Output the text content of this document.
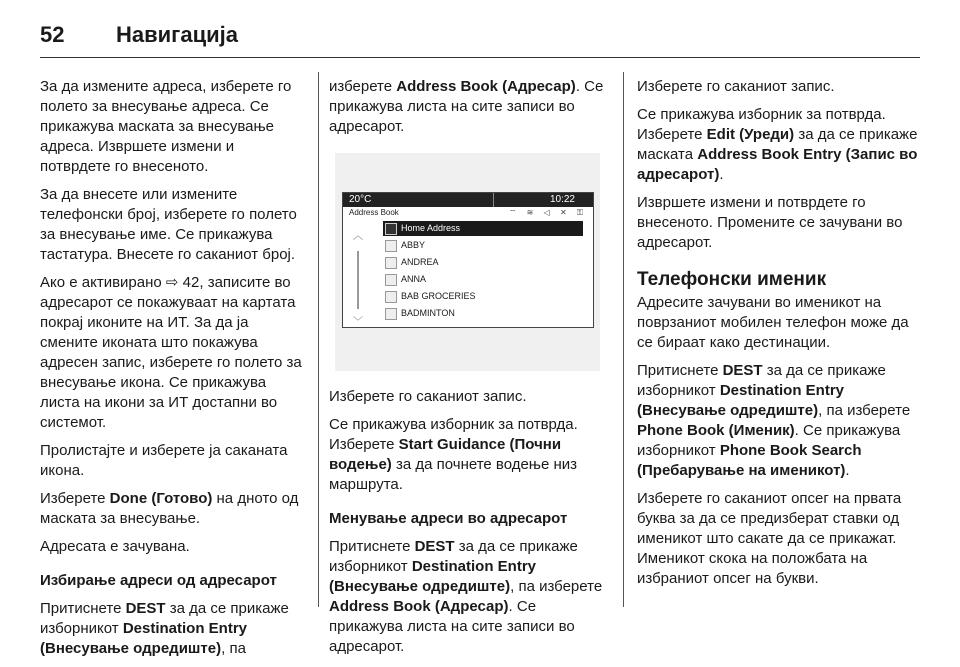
52 Навигација

За да измените адреса, изберете го полето за внесување адреса. Се прикажува маската за внесување адреса. Извршете измени и потврдете го внесеното.

За да внесете или измените телефонски број, изберете го полето за внесување име. Се прикажува тастатура. Внесете го саканиот број.

Ако е активирано ⇨ 42, записите во адресарот се покажуваат на картата покрај иконите на ИТ. За да ја смените иконата што покажува адресен запис, изберете го полето за внесување икона. Се прикажува листа на икони за ИТ достапни во системот.

Пролистајте и изберете ја саканата икона.

Изберете Done (Готово) на дното од маската за внесување.

Адресата е зачувана.

Избирање адреси од адресарот

Притиснете DEST за да се прикаже изборникот Destination Entry (Внесување одредиште), па

изберете Address Book (Адресар). Се прикажува листа на сите записи во адресарот.

20°C	10:22
Address Book	⌔ ≋ ◁ ✕ ⚿
︿
﹀
Home Address
ABBY
ANDREA
ANNA
BAB GROCERIES
BADMINTON

Изберете го саканиот запис.

Се прикажува изборник за потврда. Изберете Start Guidance (Почни водење) за да почнете водење низ маршрута.

Менување адреси во адресарот

Притиснете DEST за да се прикаже изборникот Destination Entry (Внесување одредиште), па изберете Address Book (Адресар). Се прикажува листа на сите записи во адресарот.

Изберете го саканиот запис.

Се прикажува изборник за потврда. Изберете Edit (Уреди) за да се прикаже маската Address Book Entry (Запис во адресарот).

Извршете измени и потврдете го внесеното. Промените се зачувани во адресарот.

Телефонски именик

Адресите зачувани во именикот на поврзаниот мобилен телефон може да се бираат како дестинации.

Притиснете DEST за да се прикаже изборникот Destination Entry (Внесување одредиште), па изберете Phone Book (Именик). Се прикажува изборникот Phone Book Search (Пребарување на именикот).

Изберете го саканиот опсег на првата буква за да се предизберат ставки од именикот што сакате да се прикажат. Именикот скока на положбата на избраниот опсег на букви.
